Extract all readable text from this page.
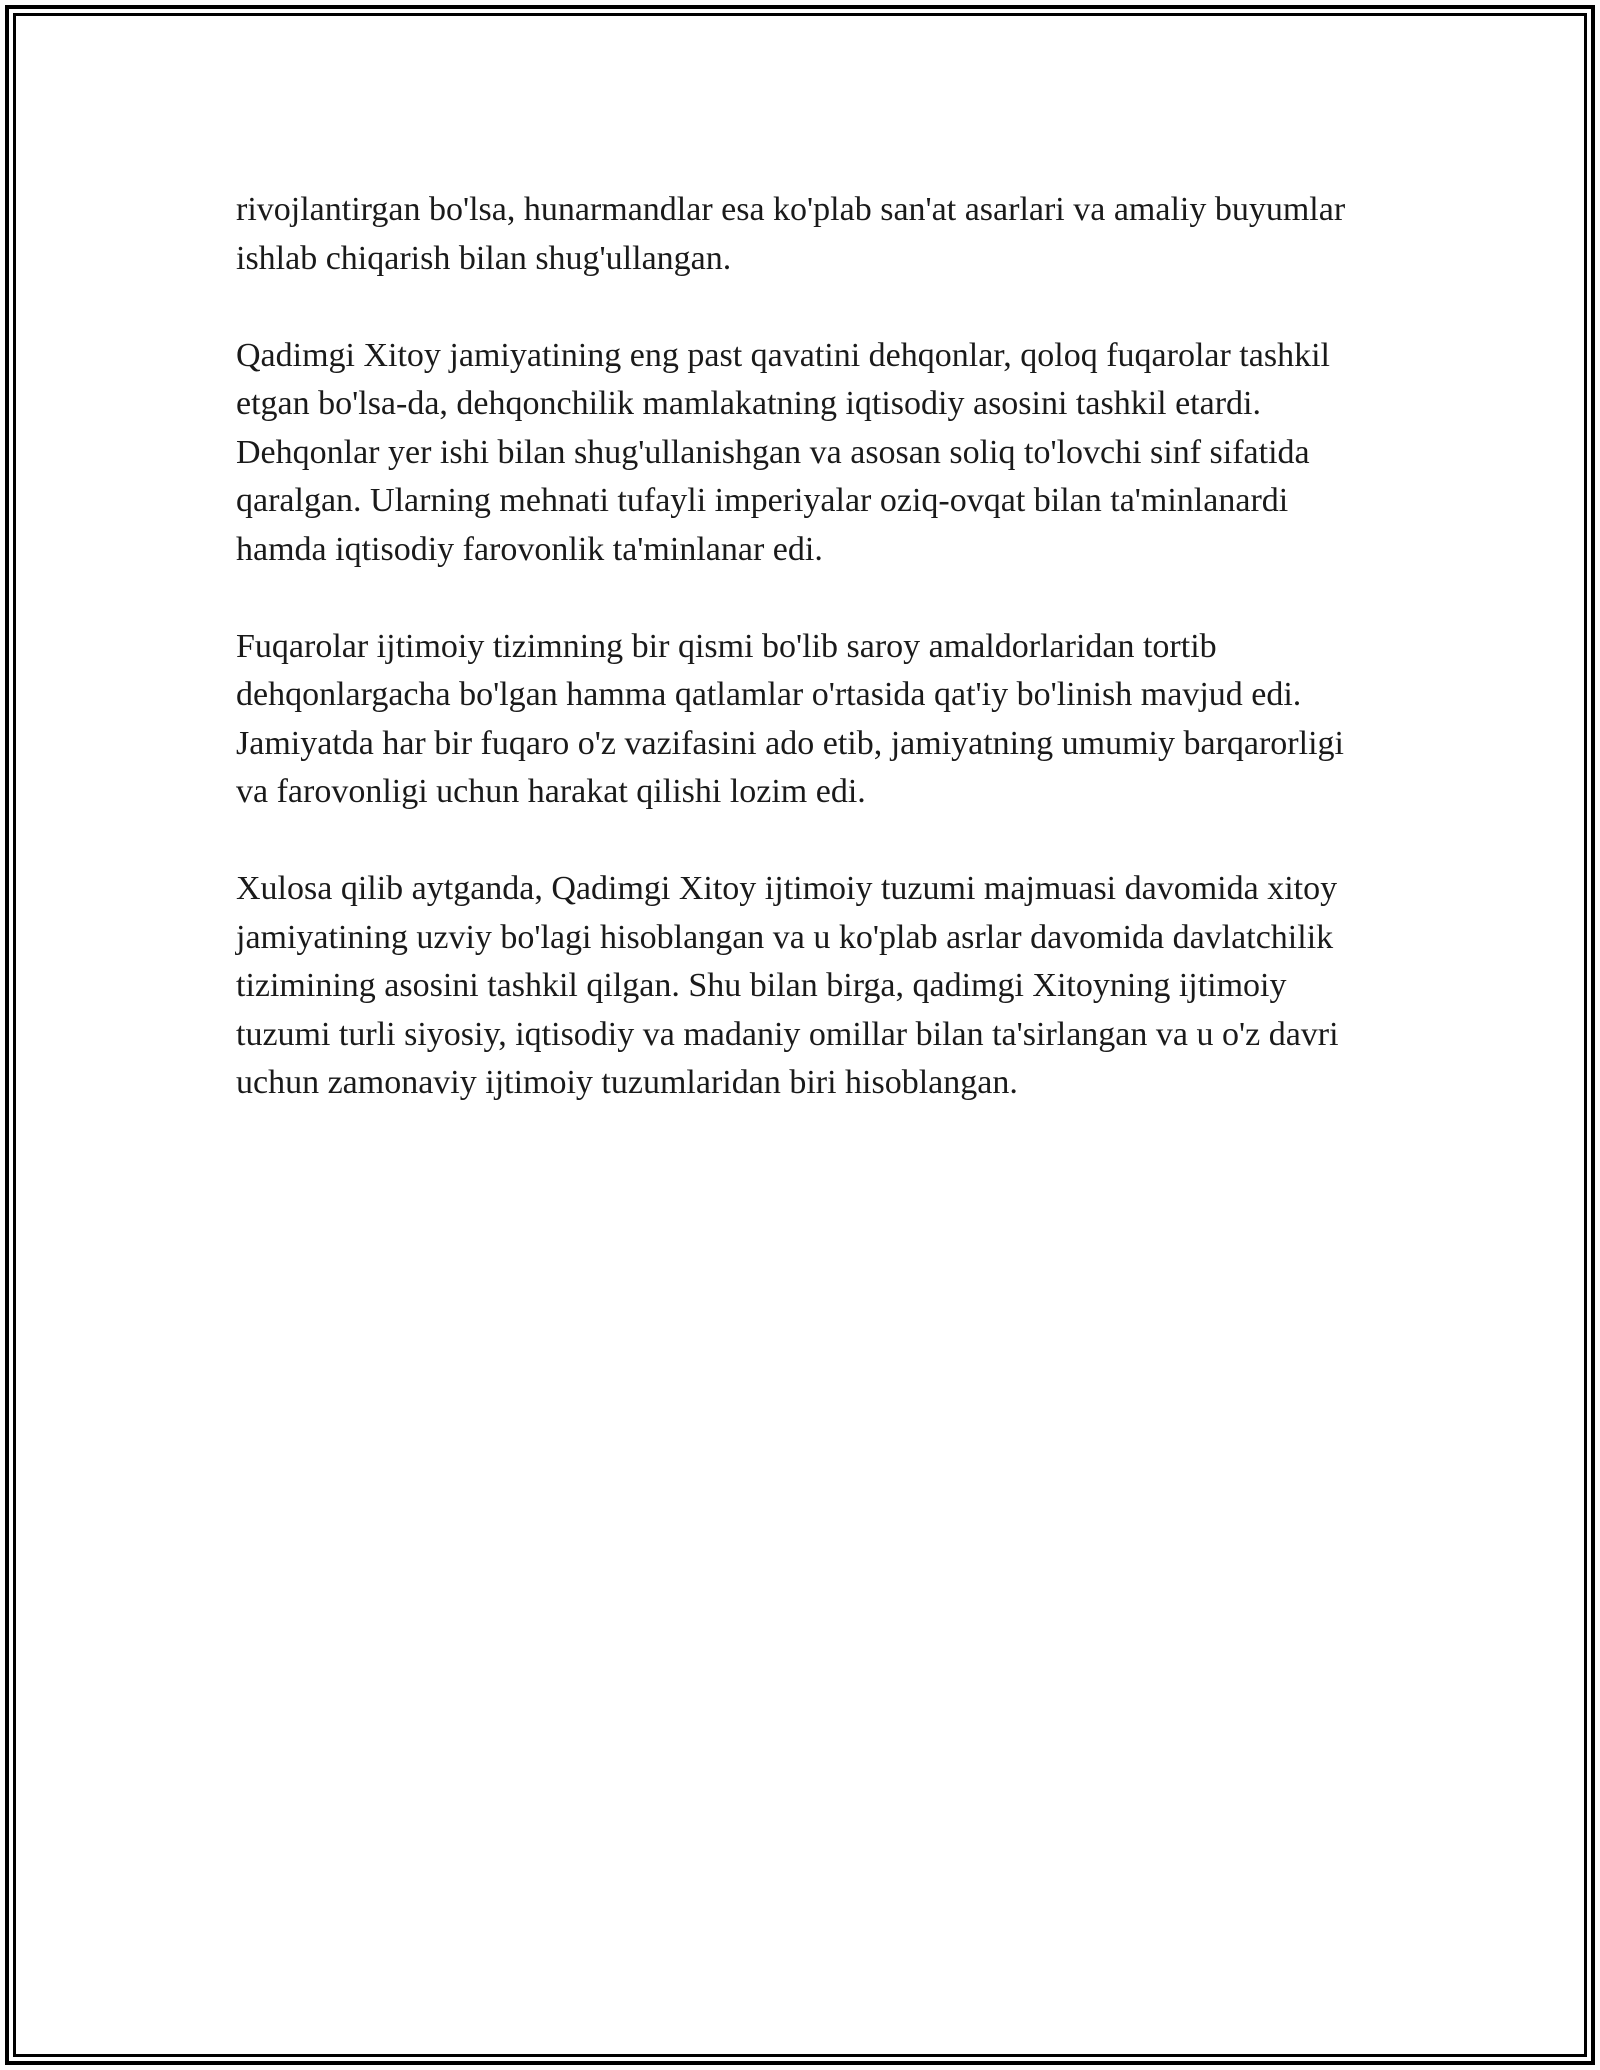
rivojlantirgan bo'lsa, hunarmandlar esa ko'plab san'at asarlari va amaliy buyumlar ishlab chiqarish bilan shug'ullangan.

Qadimgi Xitoy jamiyatining eng past qavatini dehqonlar, qoloq fuqarolar tashkil etgan bo'lsa-da, dehqonchilik mamlakatning iqtisodiy asosini tashkil etardi. Dehqonlar yer ishi bilan shug'ullanishgan va asosan soliq to'lovchi sinf sifatida qaralgan. Ularning mehnati tufayli imperiyalar oziq-ovqat bilan ta'minlanardi hamda iqtisodiy farovonlik ta'minlanar edi.

Fuqarolar ijtimoiy tizimning bir qismi bo'lib saroy amaldorlaridan tortib dehqonlargacha bo'lgan hamma qatlamlar o'rtasida qat'iy bo'linish mavjud edi. Jamiyatda har bir fuqaro o'z vazifasini ado etib, jamiyatning umumiy barqarorligi va farovonligi uchun harakat qilishi lozim edi.

Xulosa qilib aytganda, Qadimgi Xitoy ijtimoiy tuzumi majmuasi davomida xitoy jamiyatining uzviy bo'lagi hisoblangan va u ko'plab asrlar davomida davlatchilik tizimining asosini tashkil qilgan. Shu bilan birga, qadimgi Xitoyning ijtimoiy tuzumi turli siyosiy, iqtisodiy va madaniy omillar bilan ta'sirlangan va u o'z davri uchun zamonaviy ijtimoiy tuzumlaridan biri hisoblangan.
